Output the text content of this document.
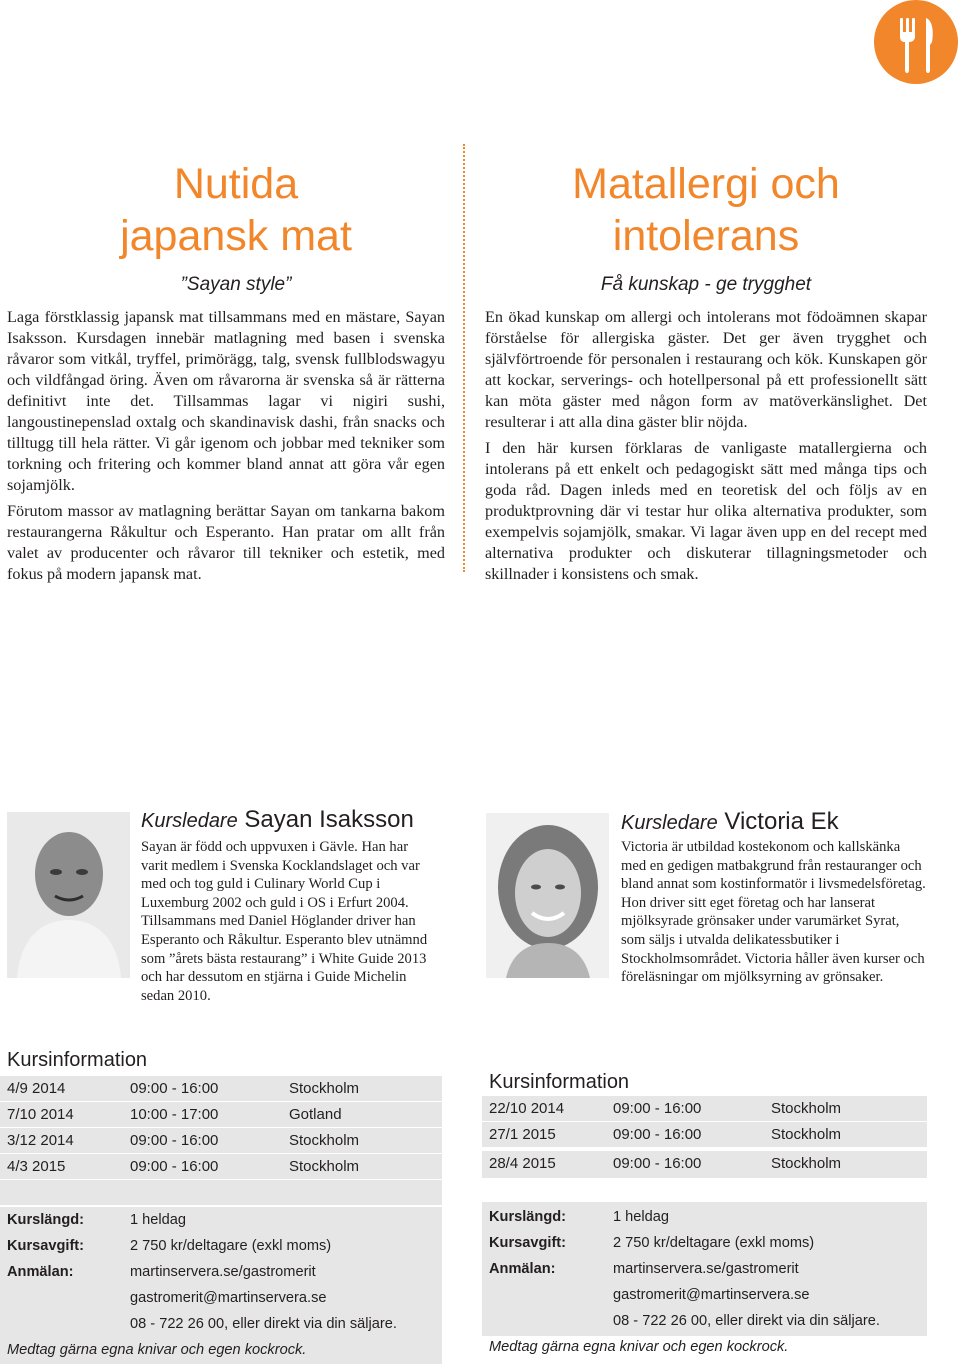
Nutida
japansk mat
”Sayan style”

Laga förstklassig japansk mat tillsammans med en mästare, Sayan Isaksson. Kursdagen innebär matlagning med basen i svenska råvaror som vitkål, tryffel, primörägg, talg, svensk fullblodswagyu och vildfångad öring. Även om råvarorna är svenska så är rätterna definitivt inte det. Tillsammas lagar vi nigiri sushi, langoustinepenslad oxtalg och skandinavisk dashi, från snacks och tilltugg till hela rätter. Vi går igenom och jobbar med tekniker som torkning och fritering och kommer bland annat att göra vår egen sojamjölk.

Förutom massor av matlagning berättar Sayan om tankarna bakom restaurangerna Råkultur och Esperanto. Han pratar om allt från valet av producenter och råvaror till tekniker och estetik, med fokus på modern japansk mat.

Matallergi och
intolerans
Få kunskap - ge trygghet

En ökad kunskap om allergi och intolerans mot födoämnen skapar förståelse för allergiska gäster. Det ger även trygghet och självförtroende för personalen i restaurang och kök. Kunskapen gör att kockar, serverings- och hotellpersonal på ett professionellt sätt kan möta gäster med någon form av matöverkänslighet. Det resulterar i att alla dina gäster blir nöjda.

I den här kursen förklaras de vanligaste matallergierna och intolerans på ett enkelt och pedagogiskt sätt med många tips och goda råd. Dagen inleds med en teoretisk del och följs av en produktprovning där vi testar hur olika alternativa produkter, som exempelvis sojamjölk, smakar. Vi lagar även upp en del recept med alternativa produkter och diskuterar tillagningsmetoder och skillnader i konsistens och smak.

Kursledare Sayan Isaksson

Sayan är född och uppvuxen i Gävle. Han har varit medlem i Svenska Kocklandslaget och var med och tog guld i Culinary World Cup i Luxemburg 2002 och guld i OS i Erfurt 2004. Tillsammans med Daniel Höglander driver han Esperanto och Råkultur. Esperanto blev utnämnd som ”årets bästa restaurang” i White Guide 2013 och har dessutom en stjärna i Guide Michelin sedan 2010.

Kursledare Victoria Ek

Victoria är utbildad kostekonom och kallskänka med en gedigen matbakgrund från restauranger och bland annat som kostinformatör i livsmedelsföretag. Hon driver sitt eget företag och har lanserat mjölksyrade grönsaker under varumärket Syrat, som säljs i utvalda delikatessbutiker i Stockholmsområdet. Victoria håller även kurser och föreläsningar om mjölksyrning av grönsaker.

Kursinformation
4/9 2014	09:00 - 16:00	Stockholm
7/10 2014	10:00 - 17:00	Gotland
3/12 2014	09:00 - 16:00	Stockholm
4/3 2015	09:00 - 16:00	Stockholm
Kurslängd:	1 heldag
Kursavgift:	2 750 kr/deltagare (exkl moms)
Anmälan:	martinservera.se/gastromerit
gastromerit@martinservera.se
08 - 722 26 00, eller direkt via din säljare.
Medtag gärna egna knivar och egen kockrock.
Kursinformation
22/10 2014	09:00 - 16:00	Stockholm
27/1 2015	09:00 - 16:00	Stockholm
28/4 2015	09:00 - 16:00	Stockholm
Kurslängd:	1 heldag
Kursavgift:	2 750 kr/deltagare (exkl moms)
Anmälan:	martinservera.se/gastromerit
gastromerit@martinservera.se
08 - 722 26 00, eller direkt via din säljare.
Medtag gärna egna knivar och egen kockrock.
